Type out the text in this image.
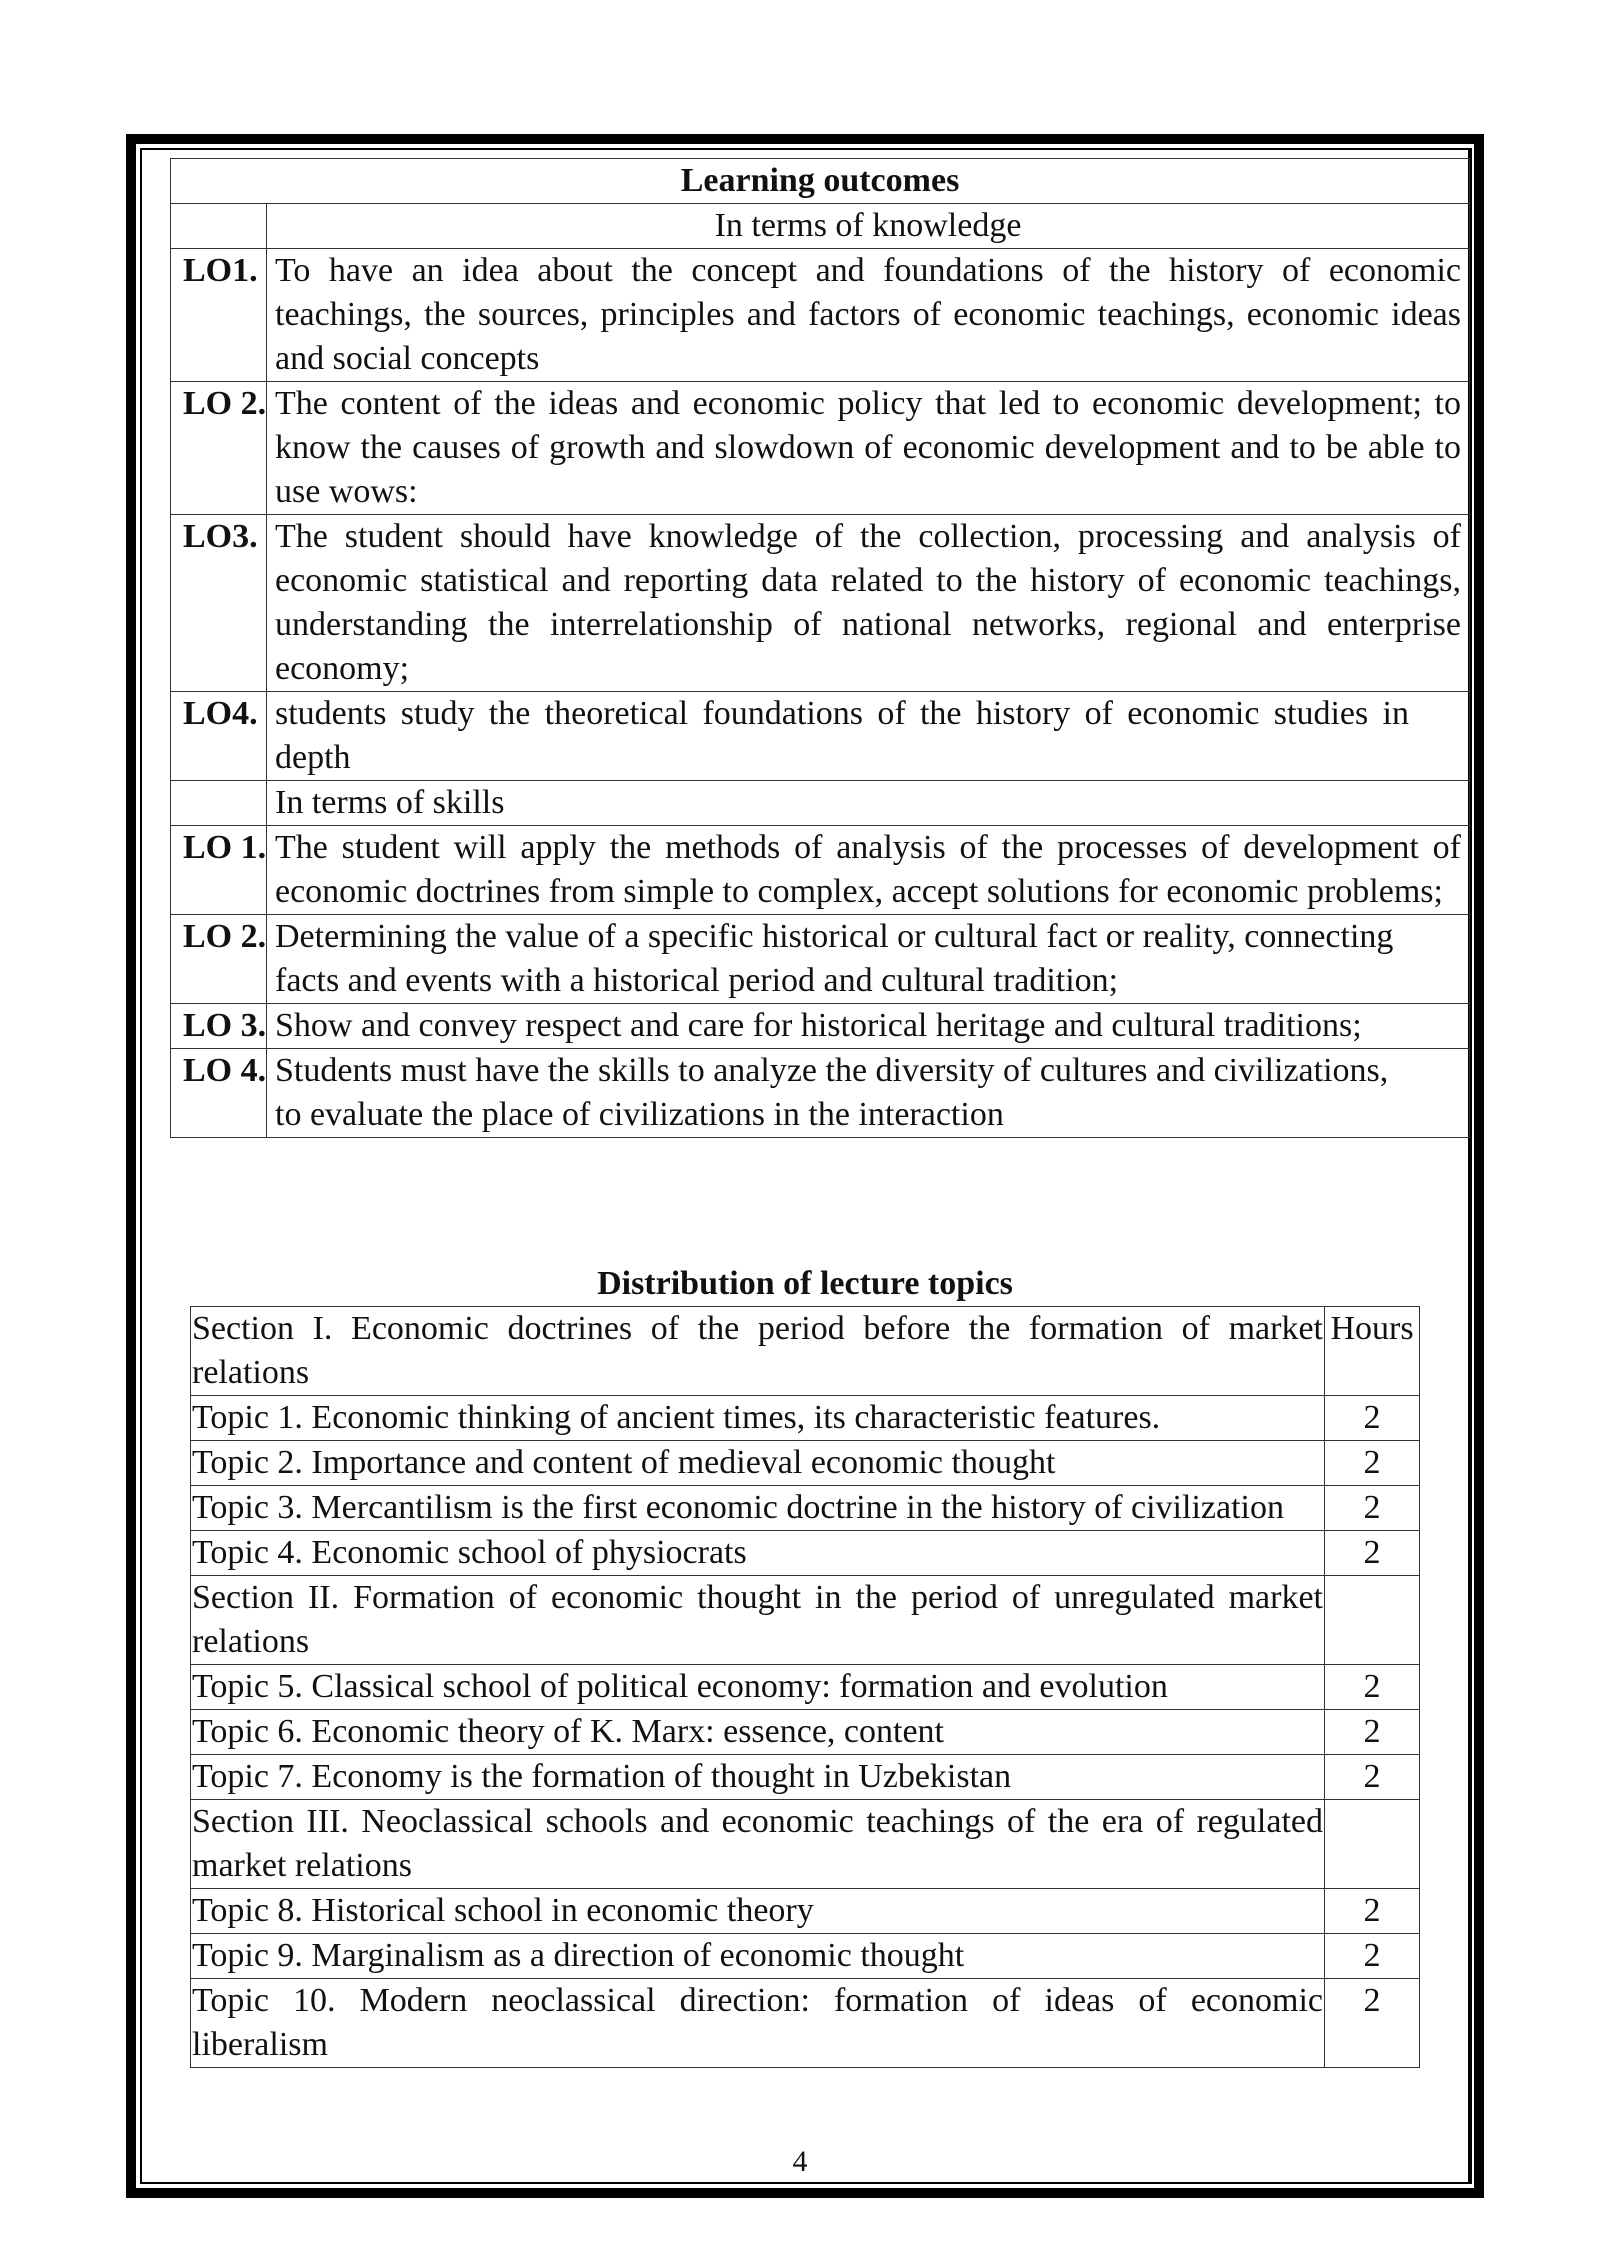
Learning outcomes	
	In terms of knowledge
LO1.	To have an idea about the concept and foundations of the history of economic teachings, the sources, principles and factors of economic teachings, economic ideas and social concepts
LO 2.	The content of the ideas and economic policy that led to economic development; to know the causes of growth and slowdown of economic development and to be able to use wows:
LO3.	The student should have knowledge of the collection, processing and analysis of economic statistical and reporting data related to the history of economic teachings, understanding the interrelationship of national networks, regional and enterprise economy;
LO4.	students study the theoretical foundations of the history of economic studies in depth
	In terms of skills
LO 1.	The student will apply the methods of analysis of the processes of development of economic doctrines from simple to complex, accept solutions for economic problems;
LO 2.	Determining the value of a specific historical or cultural fact or reality, connecting facts and events with a historical period and cultural tradition;
LO 3.	Show and convey respect and care for historical heritage and cultural traditions;
LO 4.	Students must have the skills to analyze the diversity of cultures and civilizations, to evaluate the place of civilizations in the interaction
Distribution of lecture topics
Section I. Economic doctrines of the period before the formation of market relations	Hours
Topic 1. Economic thinking of ancient times, its characteristic features.	2
Topic 2. Importance and content of medieval economic thought	2
Topic 3. Mercantilism is the first economic doctrine in the history of civilization	2
Topic 4. Economic school of physiocrats	2
Section II. Formation of economic thought in the period of unregulated market relations	
Topic 5. Classical school of political economy: formation and evolution	2
Topic 6. Economic theory of K. Marx: essence, content	2
Topic 7. Economy is the formation of thought in Uzbekistan	2
Section III. Neoclassical schools and economic teachings of the era of regulated market relations	
Topic 8. Historical school in economic theory	2
Topic 9. Marginalism as a direction of economic thought	2
Topic 10. Modern neoclassical direction: formation of ideas of economic liberalism	2
4
